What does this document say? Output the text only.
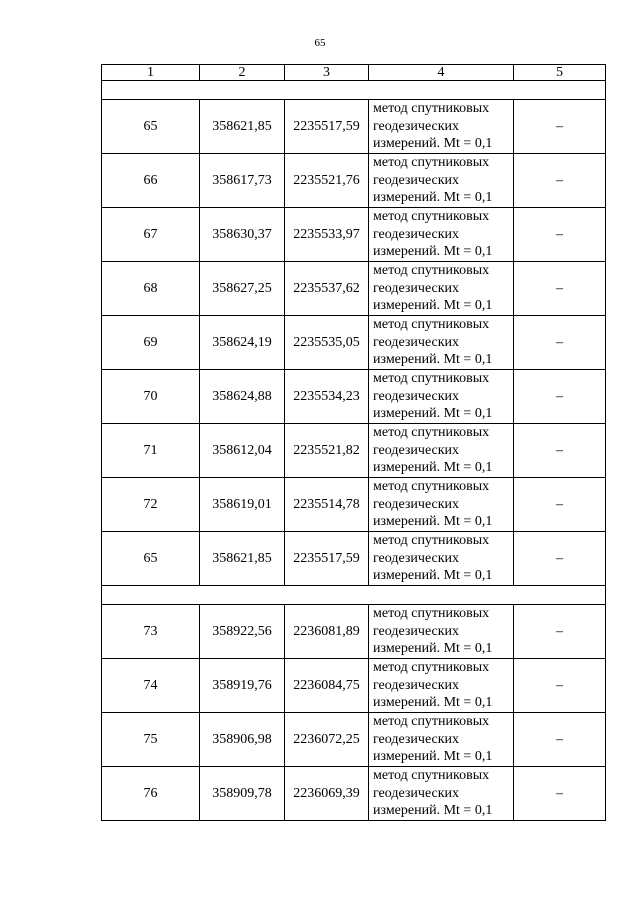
65
1	2	3	4	5

65	358621,85	2235517,59	метод спутниковых
геодезических
измерений. Mt = 0,1	–
66	358617,73	2235521,76	метод спутниковых
геодезических
измерений. Mt = 0,1	–
67	358630,37	2235533,97	метод спутниковых
геодезических
измерений. Mt = 0,1	–
68	358627,25	2235537,62	метод спутниковых
геодезических
измерений. Mt = 0,1	–
69	358624,19	2235535,05	метод спутниковых
геодезических
измерений. Mt = 0,1	–
70	358624,88	2235534,23	метод спутниковых
геодезических
измерений. Mt = 0,1	–
71	358612,04	2235521,82	метод спутниковых
геодезических
измерений. Mt = 0,1	–
72	358619,01	2235514,78	метод спутниковых
геодезических
измерений. Mt = 0,1	–
65	358621,85	2235517,59	метод спутниковых
геодезических
измерений. Mt = 0,1	–

73	358922,56	2236081,89	метод спутниковых
геодезических
измерений. Mt = 0,1	–
74	358919,76	2236084,75	метод спутниковых
геодезических
измерений. Mt = 0,1	–
75	358906,98	2236072,25	метод спутниковых
геодезических
измерений. Mt = 0,1	–
76	358909,78	2236069,39	метод спутниковых
геодезических
измерений. Mt = 0,1	–
